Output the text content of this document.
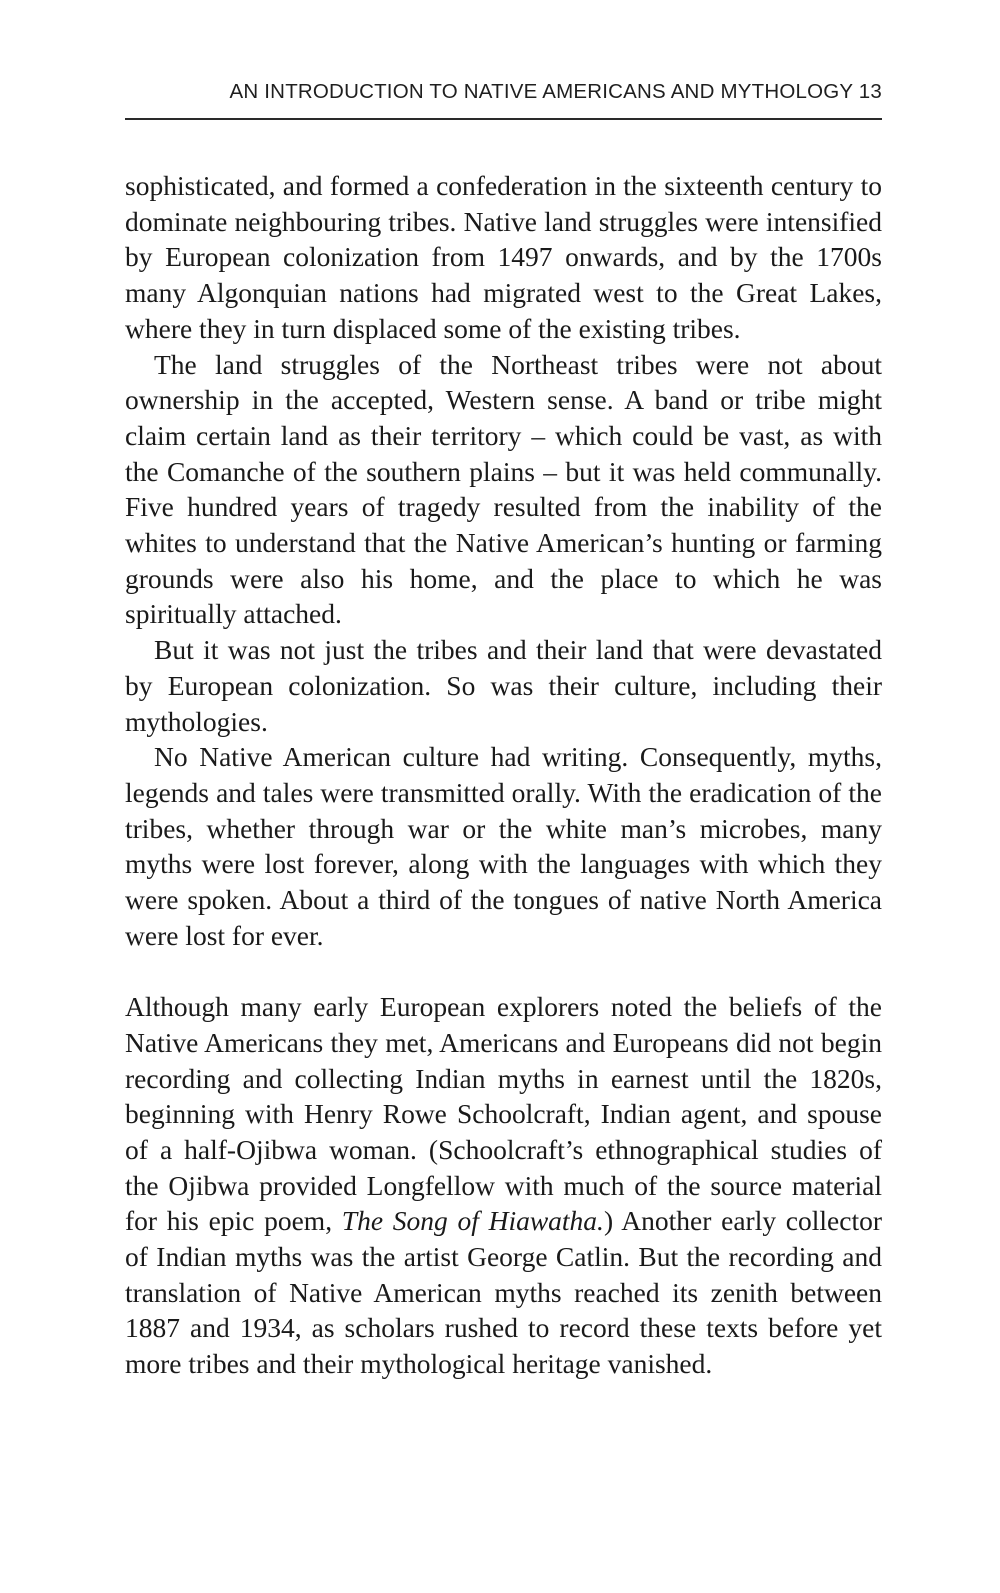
AN INTRODUCTION TO NATIVE AMERICANS AND MYTHOLOGY 13

sophisticated, and formed a confederation in the sixteenth century to dominate neighbouring tribes. Native land struggles were intensified by European colonization from 1497 onwards, and by the 1700s many Algonquian nations had migrated west to the Great Lakes, where they in turn displaced some of the existing tribes.

The land struggles of the Northeast tribes were not about ownership in the accepted, Western sense. A band or tribe might claim certain land as their territory – which could be vast, as with the Comanche of the southern plains – but it was held communally. Five hundred years of tragedy resulted from the inability of the whites to understand that the Native American’s hunting or farming grounds were also his home, and the place to which he was spiritually attached.

But it was not just the tribes and their land that were devastated by European colonization. So was their culture, including their mythologies.

No Native American culture had writing. Consequently, myths, legends and tales were transmitted orally. With the eradication of the tribes, whether through war or the white man’s microbes, many myths were lost forever, along with the languages with which they were spoken. About a third of the tongues of native North America were lost for ever.

Although many early European explorers noted the beliefs of the Native Americans they met, Americans and Europeans did not begin recording and collecting Indian myths in earnest until the 1820s, beginning with Henry Rowe Schoolcraft, Indian agent, and spouse of a half-Ojibwa woman. (Schoolcraft’s ethnographical studies of the Ojibwa provided Longfellow with much of the source material for his epic poem, The Song of Hiawatha.) Another early collector of Indian myths was the artist George Catlin. But the recording and translation of Native American myths reached its zenith between 1887 and 1934, as scholars rushed to record these texts before yet more tribes and their mythological heritage vanished.
